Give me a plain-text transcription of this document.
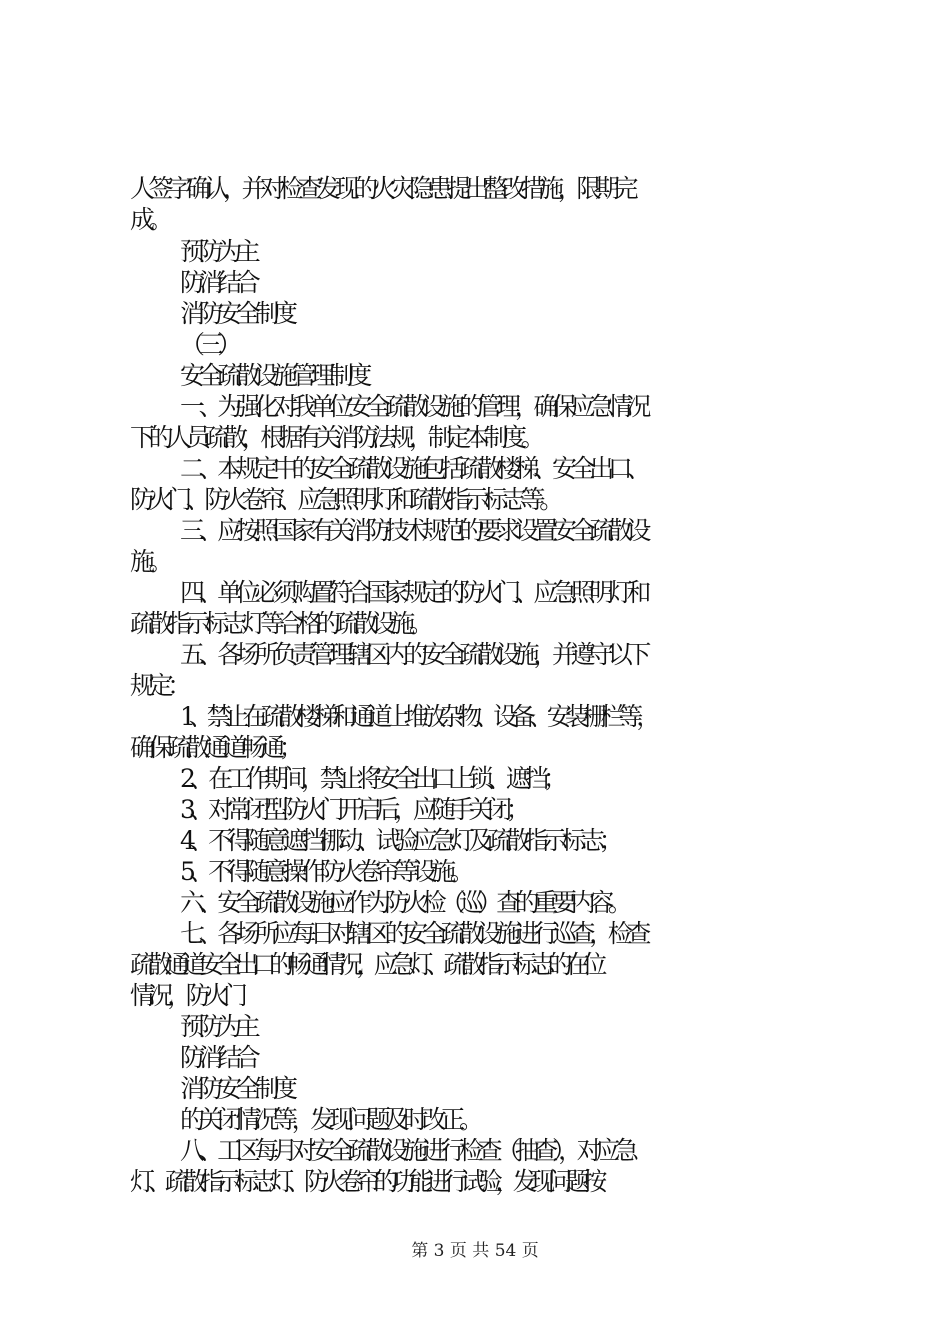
人签字确认，并对检查发现的火灾隐患提出整改措施，限期完
成。
预防为主
防消结合
消防安全制度
（三）
安全疏散设施管理制度
一、为强化对我单位安全疏散设施的管理，确保应急情况
下的人员疏散，根据有关消防法规，制定本制度。
二、本规定中的安全疏散设施包括疏散楼梯、安全出口、
防火门、防火卷帘、应急照明灯和疏散指示标志等。
三、应按照国家有关消防技术规范的要求设置安全疏散设
施。
四、单位必须购置符合国家规定的防火门、应急照明灯和
疏散指示标志灯等合格的疏散设施。
五、各场所负责管理辖区内的安全疏散设施，并遵守以下
规定：
1、禁止在疏散楼梯和通道上堆放杂物、设备、安装栅栏等，
确保疏散通道畅通；
2、在工作期间，禁止将安全出口上锁、遮挡；
3、对常闭型防火门开启后，应随手关闭；
4、不得随意遮挡挪动、试验应急灯及疏散指示标志；
5、不得随意操作防火卷帘等设施。
六、安全疏散设施应作为防火检（巡）查的重要内容。
七、各场所应每日对辖区的安全疏散设施进行巡查，检查
疏散通道安全出口的畅通情况，应急灯、疏散指示标志的在位
情况，防火门
预防为主
防消结合
消防安全制度
的关闭情况等，发现问题及时改正。
八、工区每月对安全疏散设施进行检查（抽查），对应急
灯、疏散指示标志灯、防火卷帘的功能进行试验，发现问题按
第 3 页 共 54 页
